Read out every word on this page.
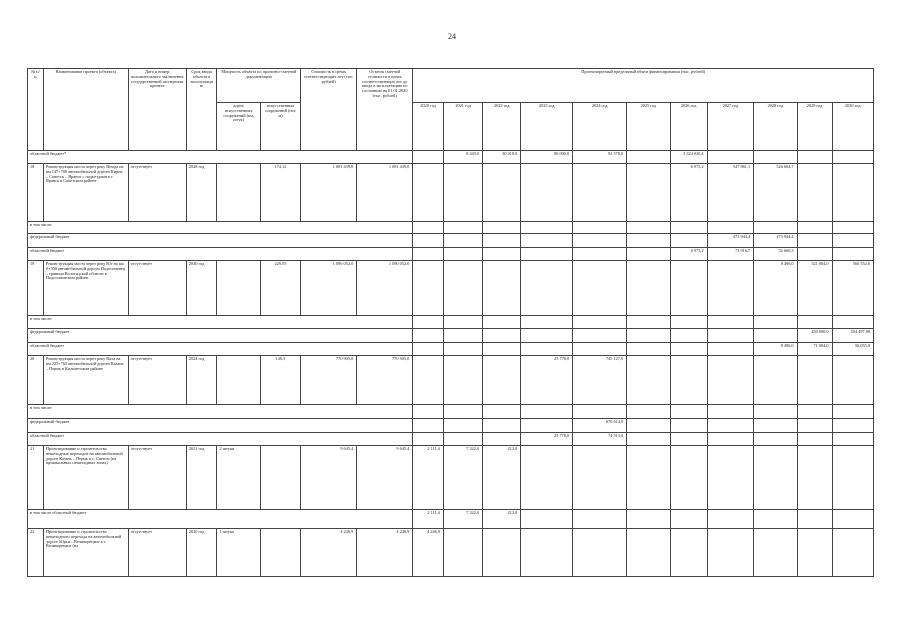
24
№ п/п	Наименование проекта (объекта)	Дата и номер положительного заключения государственной экспертизы проекта	Срок ввода объекта в эксплуатацию	Мощность объекта по проектно-сметной документации		Стоимость в ценах соответствующих лет (тыс. рублей)	Остаток сметной стоимости в ценах соответствующих лет до ввода в эксплуатацию по состоянию на 01.01.2020 (тыс. рублей)	Прогнозируемый предельный объем финансирования (тыс. рублей)										
				дорог, искусственных сооружений (км, штук)	искусственных сооружений (пог. м)			2020 год	2021 год	2022 год	2023 год	2024 год	2025 год	2026 год	2027 год	2028 год	2029 год	2030 год
областной бюджет*									8 445,0	30 018,0	80 000,0	92 578,0		3 324 020,4				
18	Реконструкция моста через реку Немда на км 147+700 автомобильной дороги Киров – Советск – Яранск с подъездами к г. Яранск в Советском районе	отсутствует	2028 год		174,12	1 081 439,0	1 081 439,0							6 975,2	547 861,1	526 604,7		
в том числе:																		
федеральный бюджет															473 944,4	473 944,4		
областной бюджет														6 975,2	73 916,7	52 660,3		
19	Реконструкция моста через реку Юг на км 0+500 автомобильной дороги Подосиновец – граница Вологодской области в Подосиновском районе	отсутствует	2030 год		229,05	1 090 052,0	1 090 052,0									8 496,0	521 004,0	560 552,0
в том числе:																		
федеральный бюджет																	450 000,0	504 497,00
областной бюджет																8 496,0	71 004,0	56 055,0
20	Реконструкция моста через реку Вала на км 225+765 автомобильной дороги Казань – Пермь в Кильмезском районе	отсутствует	2024 год		148,3	770 905,0	770 905,0				25 778,0	745 127,0						
в том числе:																		
федеральный бюджет												670 614,0						
областной бюджет											25 778,0	74 513,0						
21	Проектирование и строительство пешеходных переходов на автомобильной дороге Казань – Пермь в с. Синеги (на пришкольных пешеходных зонах)	отсутствует	2021 год	2 штуки		9 645,4	9 645,4	2 111,4	7 322,0	212,0								
в том числе областной бюджет								2 111,4	7 322,0	212,0								
22	Проектирование и строительство пешеходного перехода на автомобильной дороге Юрья – Великорецкое в с. Великорецкое (на	отсутствует	2020 год	1 штука		4 246,9	4 246,9	4 246,9										
